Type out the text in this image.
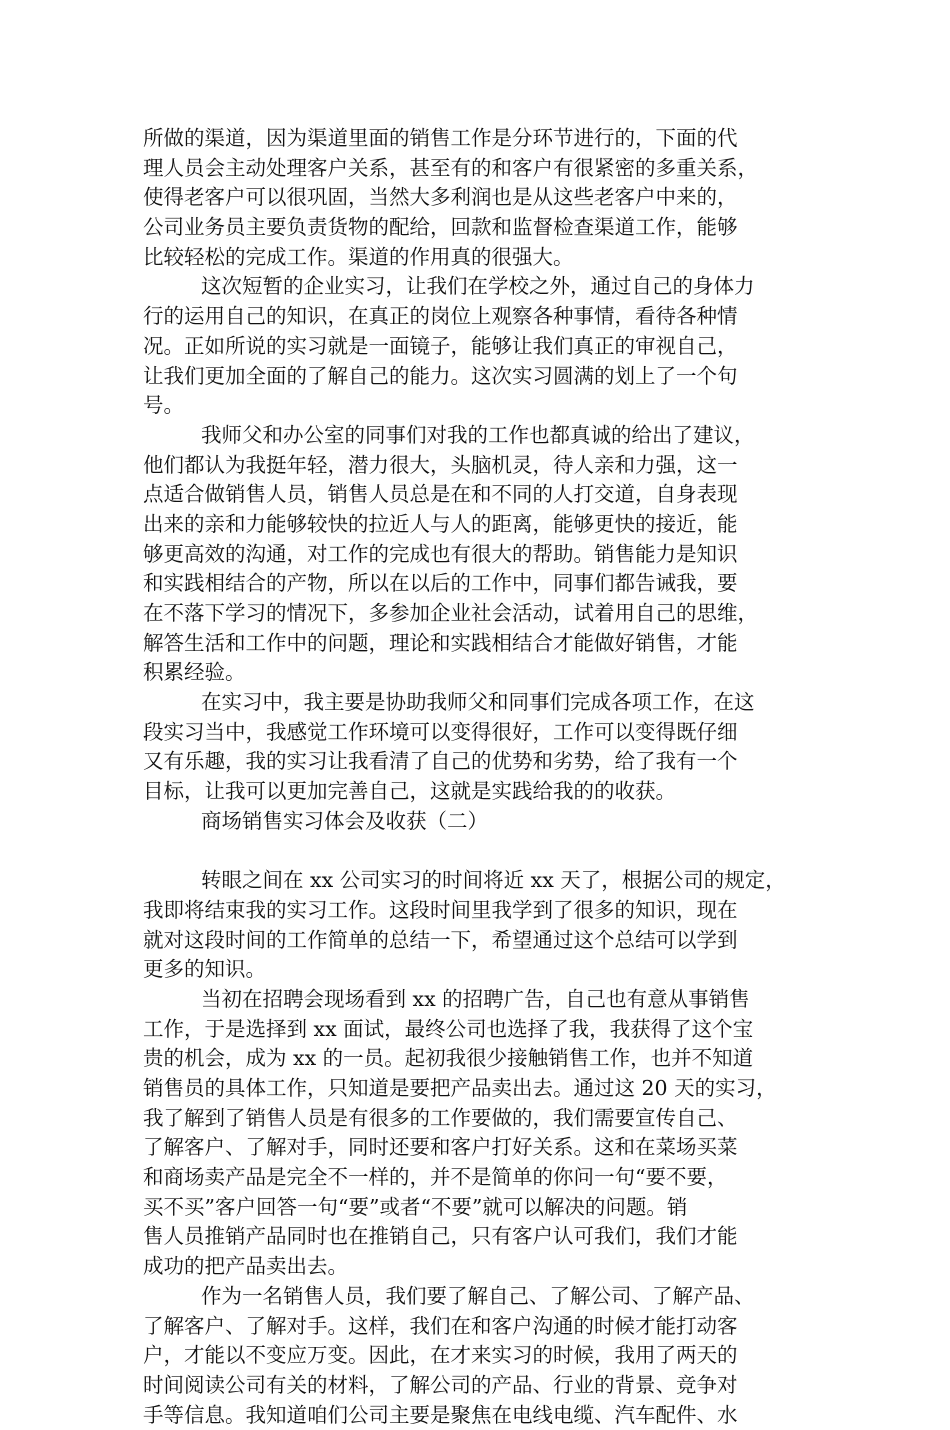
所做的渠道，因为渠道里面的销售工作是分环节进行的，下面的代
理人员会主动处理客户关系，甚至有的和客户有很紧密的多重关系，
使得老客户可以很巩固，当然大多利润也是从这些老客户中来的，
公司业务员主要负责货物的配给，回款和监督检查渠道工作，能够
比较轻松的完成工作。渠道的作用真的很强大。
这次短暂的企业实习，让我们在学校之外，通过自己的身体力
行的运用自己的知识，在真正的岗位上观察各种事情，看待各种情
况。正如所说的实习就是一面镜子，能够让我们真正的审视自己，
让我们更加全面的了解自己的能力。这次实习圆满的划上了一个句
号。
我师父和办公室的同事们对我的工作也都真诚的给出了建议，
他们都认为我挺年轻，潜力很大，头脑机灵，待人亲和力强，这一
点适合做销售人员，销售人员总是在和不同的人打交道，自身表现
出来的亲和力能够较快的拉近人与人的距离，能够更快的接近，能
够更高效的沟通，对工作的完成也有很大的帮助。销售能力是知识
和实践相结合的产物，所以在以后的工作中，同事们都告诫我，要
在不落下学习的情况下，多参加企业社会活动，试着用自己的思维，
解答生活和工作中的问题，理论和实践相结合才能做好销售，才能
积累经验。
在实习中，我主要是协助我师父和同事们完成各项工作，在这
段实习当中，我感觉工作环境可以变得很好，工作可以变得既仔细
又有乐趣，我的实习让我看清了自己的优势和劣势，给了我有一个
目标，让我可以更加完善自己，这就是实践给我的的收获。
商场销售实习体会及收获（二）
转眼之间在 xx 公司实习的时间将近 xx 天了，根据公司的规定，
我即将结束我的实习工作。这段时间里我学到了很多的知识，现在
就对这段时间的工作简单的总结一下，希望通过这个总结可以学到
更多的知识。
当初在招聘会现场看到 xx 的招聘广告，自己也有意从事销售
工作，于是选择到 xx 面试，最终公司也选择了我，我获得了这个宝
贵的机会，成为 xx 的一员。起初我很少接触销售工作，也并不知道
销售员的具体工作，只知道是要把产品卖出去。通过这 20 天的实习，
我了解到了销售人员是有很多的工作要做的，我们需要宣传自己、
了解客户、了解对手，同时还要和客户打好关系。这和在菜场买菜
和商场卖产品是完全不一样的，并不是简单的你问一句“要不要，
买不买”客户回答一句“要”或者“不要”就可以解决的问题。销
售人员推销产品同时也在推销自己，只有客户认可我们，我们才能
成功的把产品卖出去。
作为一名销售人员，我们要了解自己、了解公司、了解产品、
了解客户、了解对手。这样，我们在和客户沟通的时候才能打动客
户，才能以不变应万变。因此，在才来实习的时候，我用了两天的
时间阅读公司有关的材料，了解公司的产品、行业的背景、竞争对
手等信息。我知道咱们公司主要是聚焦在电线电缆、汽车配件、水
